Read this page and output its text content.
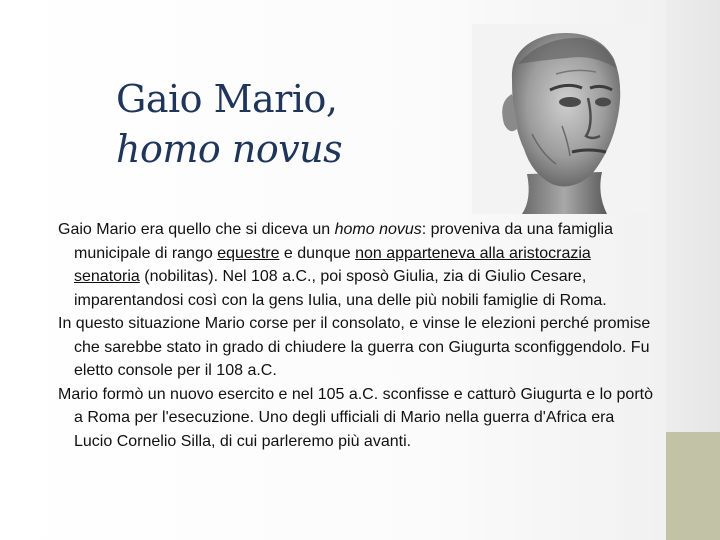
Gaio Mario,
homo novus

Gaio Mario era quello che si diceva un homo novus: proveniva da una famiglia municipale di rango equestre e dunque non apparteneva alla aristocrazia senatoria (nobilitas). Nel 108 a.C., poi sposò Giulia, zia di Giulio Cesare, imparentandosi così con la gens Iulia, una delle più nobili famiglie di Roma.

In questo situazione Mario corse per il consolato, e vinse le elezioni perché promise che sarebbe stato in grado di chiudere la guerra con Giugurta sconfiggendolo. Fu eletto console per il 108 a.C.

Mario formò un nuovo esercito e nel 105 a.C. sconfisse e catturò Giugurta e lo portò a Roma per l'esecuzione. Uno degli ufficiali di Mario nella guerra d'Africa era Lucio Cornelio Silla, di cui parleremo più avanti.
